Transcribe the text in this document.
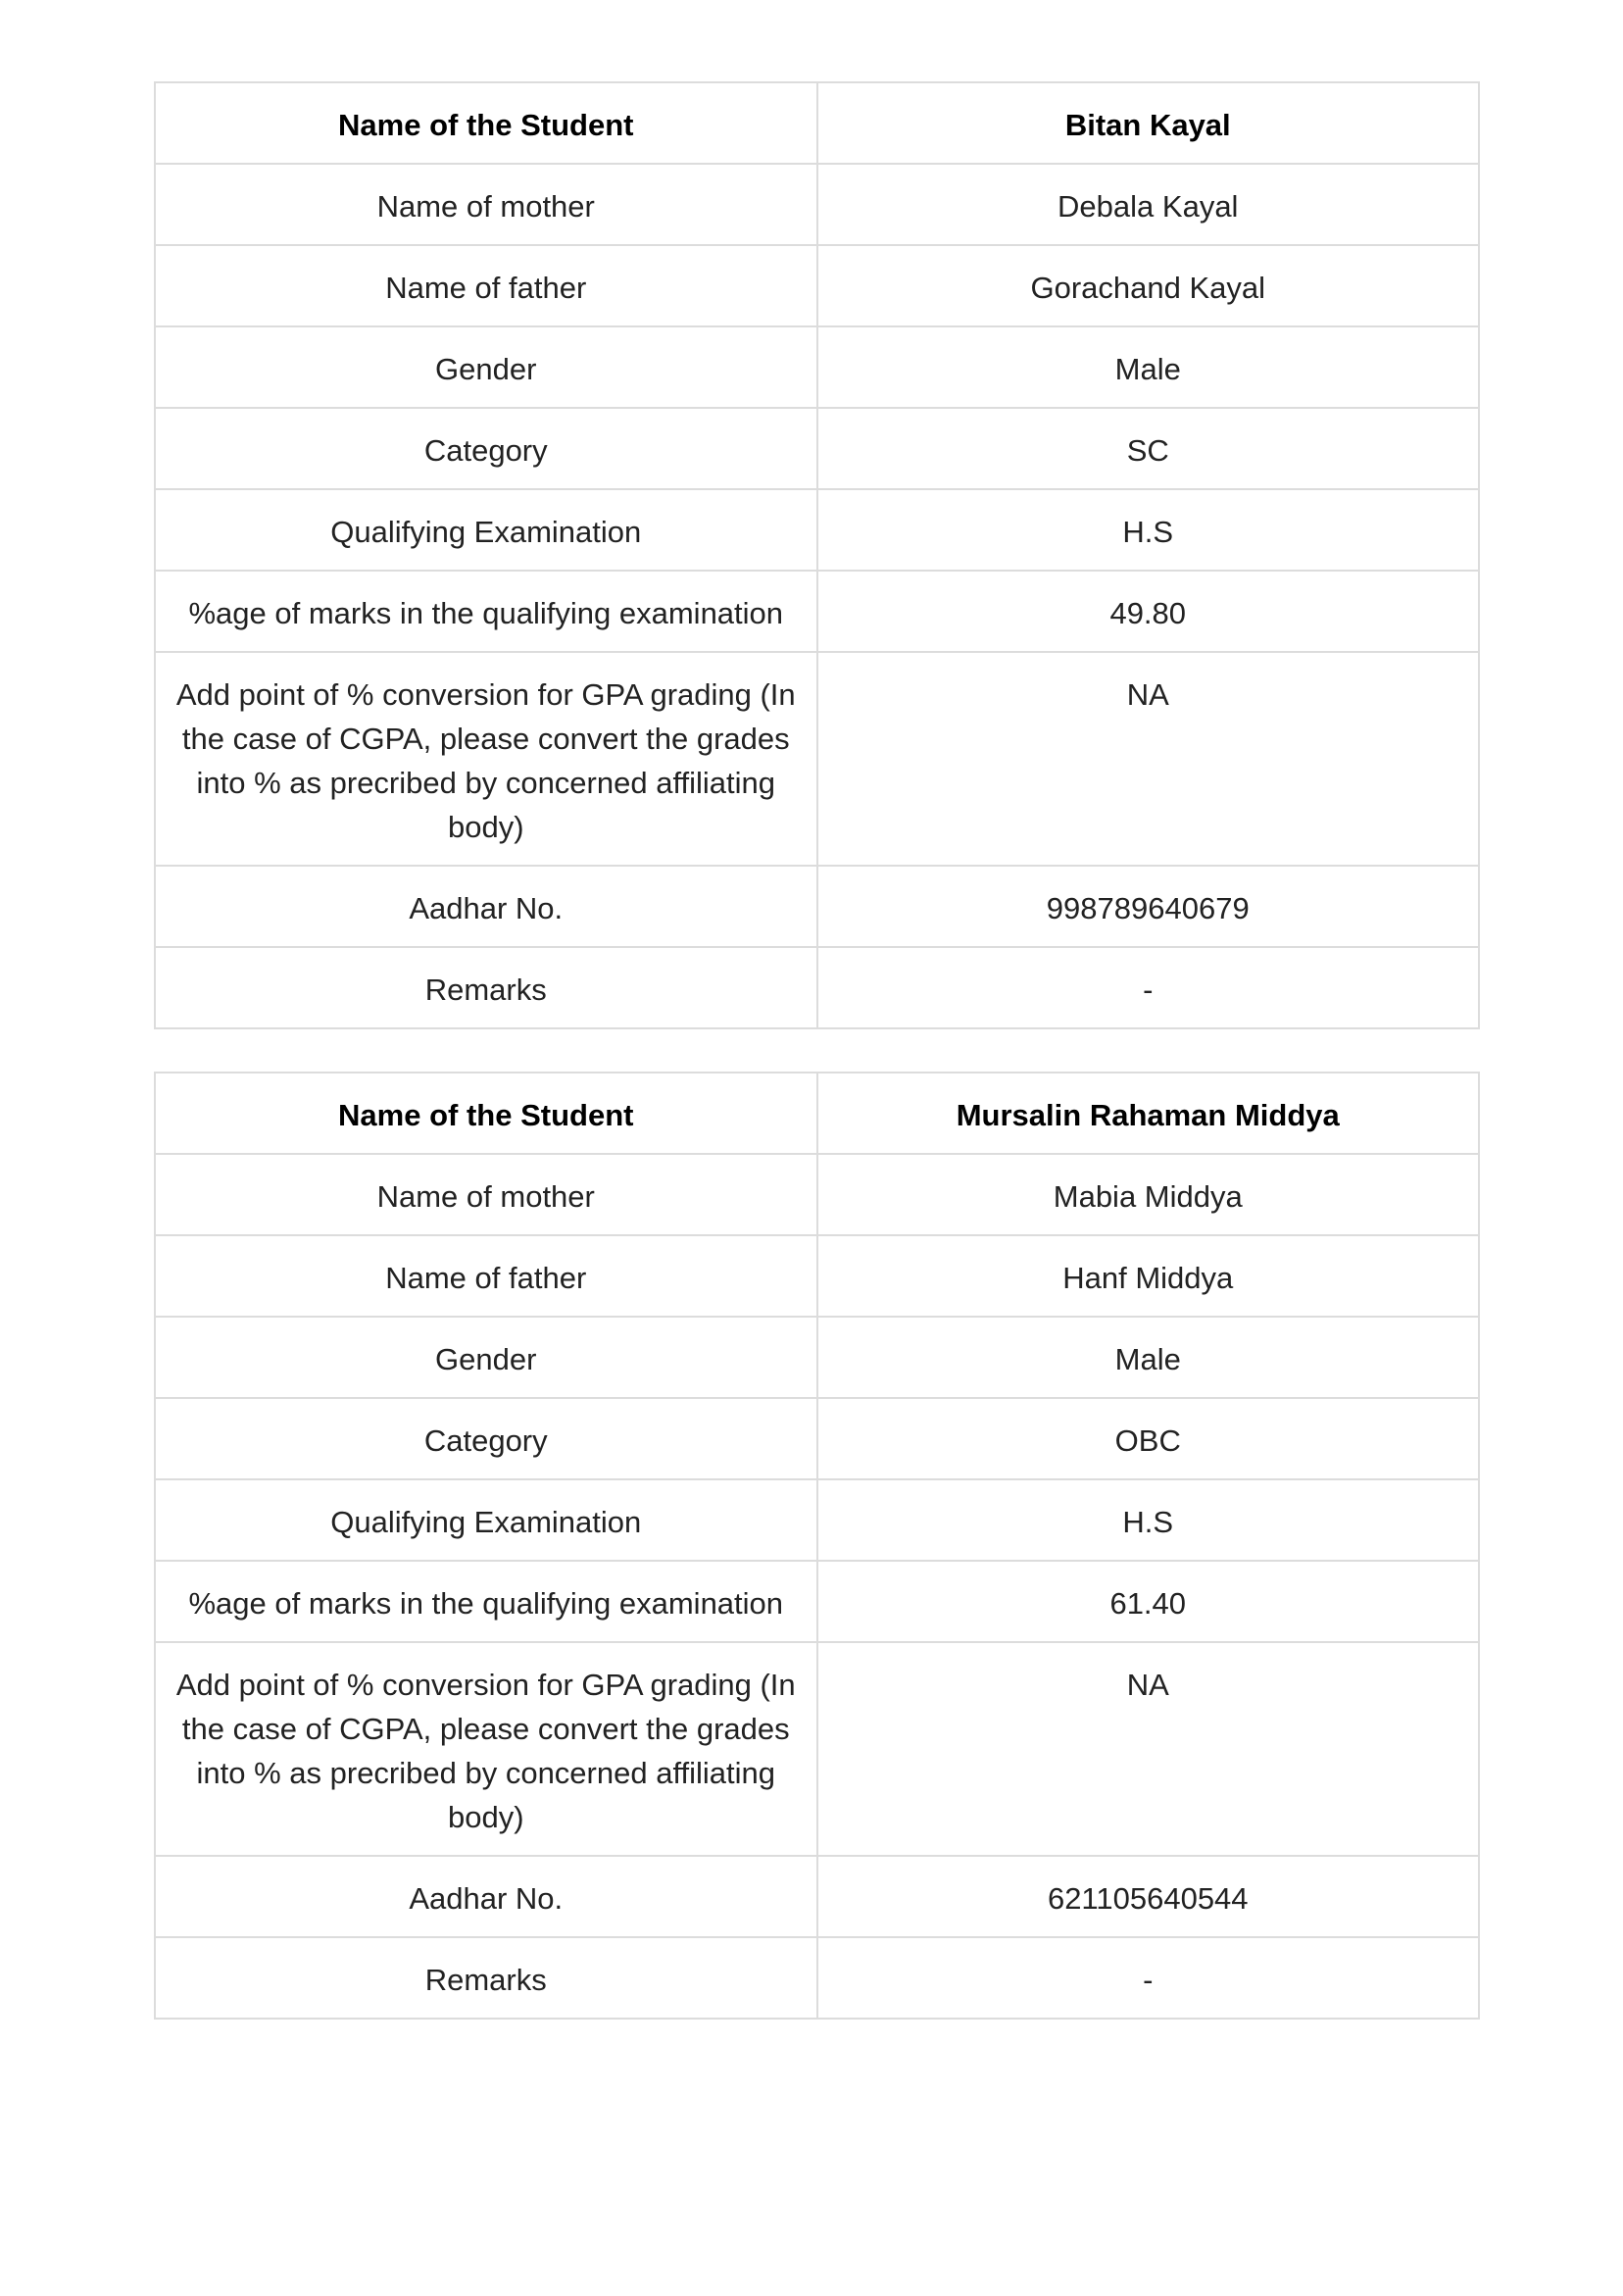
Name of the Student	Bitan Kayal
Name of mother	Debala Kayal
Name of father	Gorachand Kayal
Gender	Male
Category	SC
Qualifying Examination	H.S
%age of marks in the qualifying examination	49.80
Add point of % conversion for GPA grading (In the case of CGPA, please convert the grades into % as precribed by concerned affiliating body)	NA
Aadhar No.	998789640679
Remarks	-
Name of the Student	Mursalin Rahaman Middya
Name of mother	Mabia Middya
Name of father	Hanf Middya
Gender	Male
Category	OBC
Qualifying Examination	H.S
%age of marks in the qualifying examination	61.40
Add point of % conversion for GPA grading (In the case of CGPA, please convert the grades into % as precribed by concerned affiliating body)	NA
Aadhar No.	621105640544
Remarks	-
